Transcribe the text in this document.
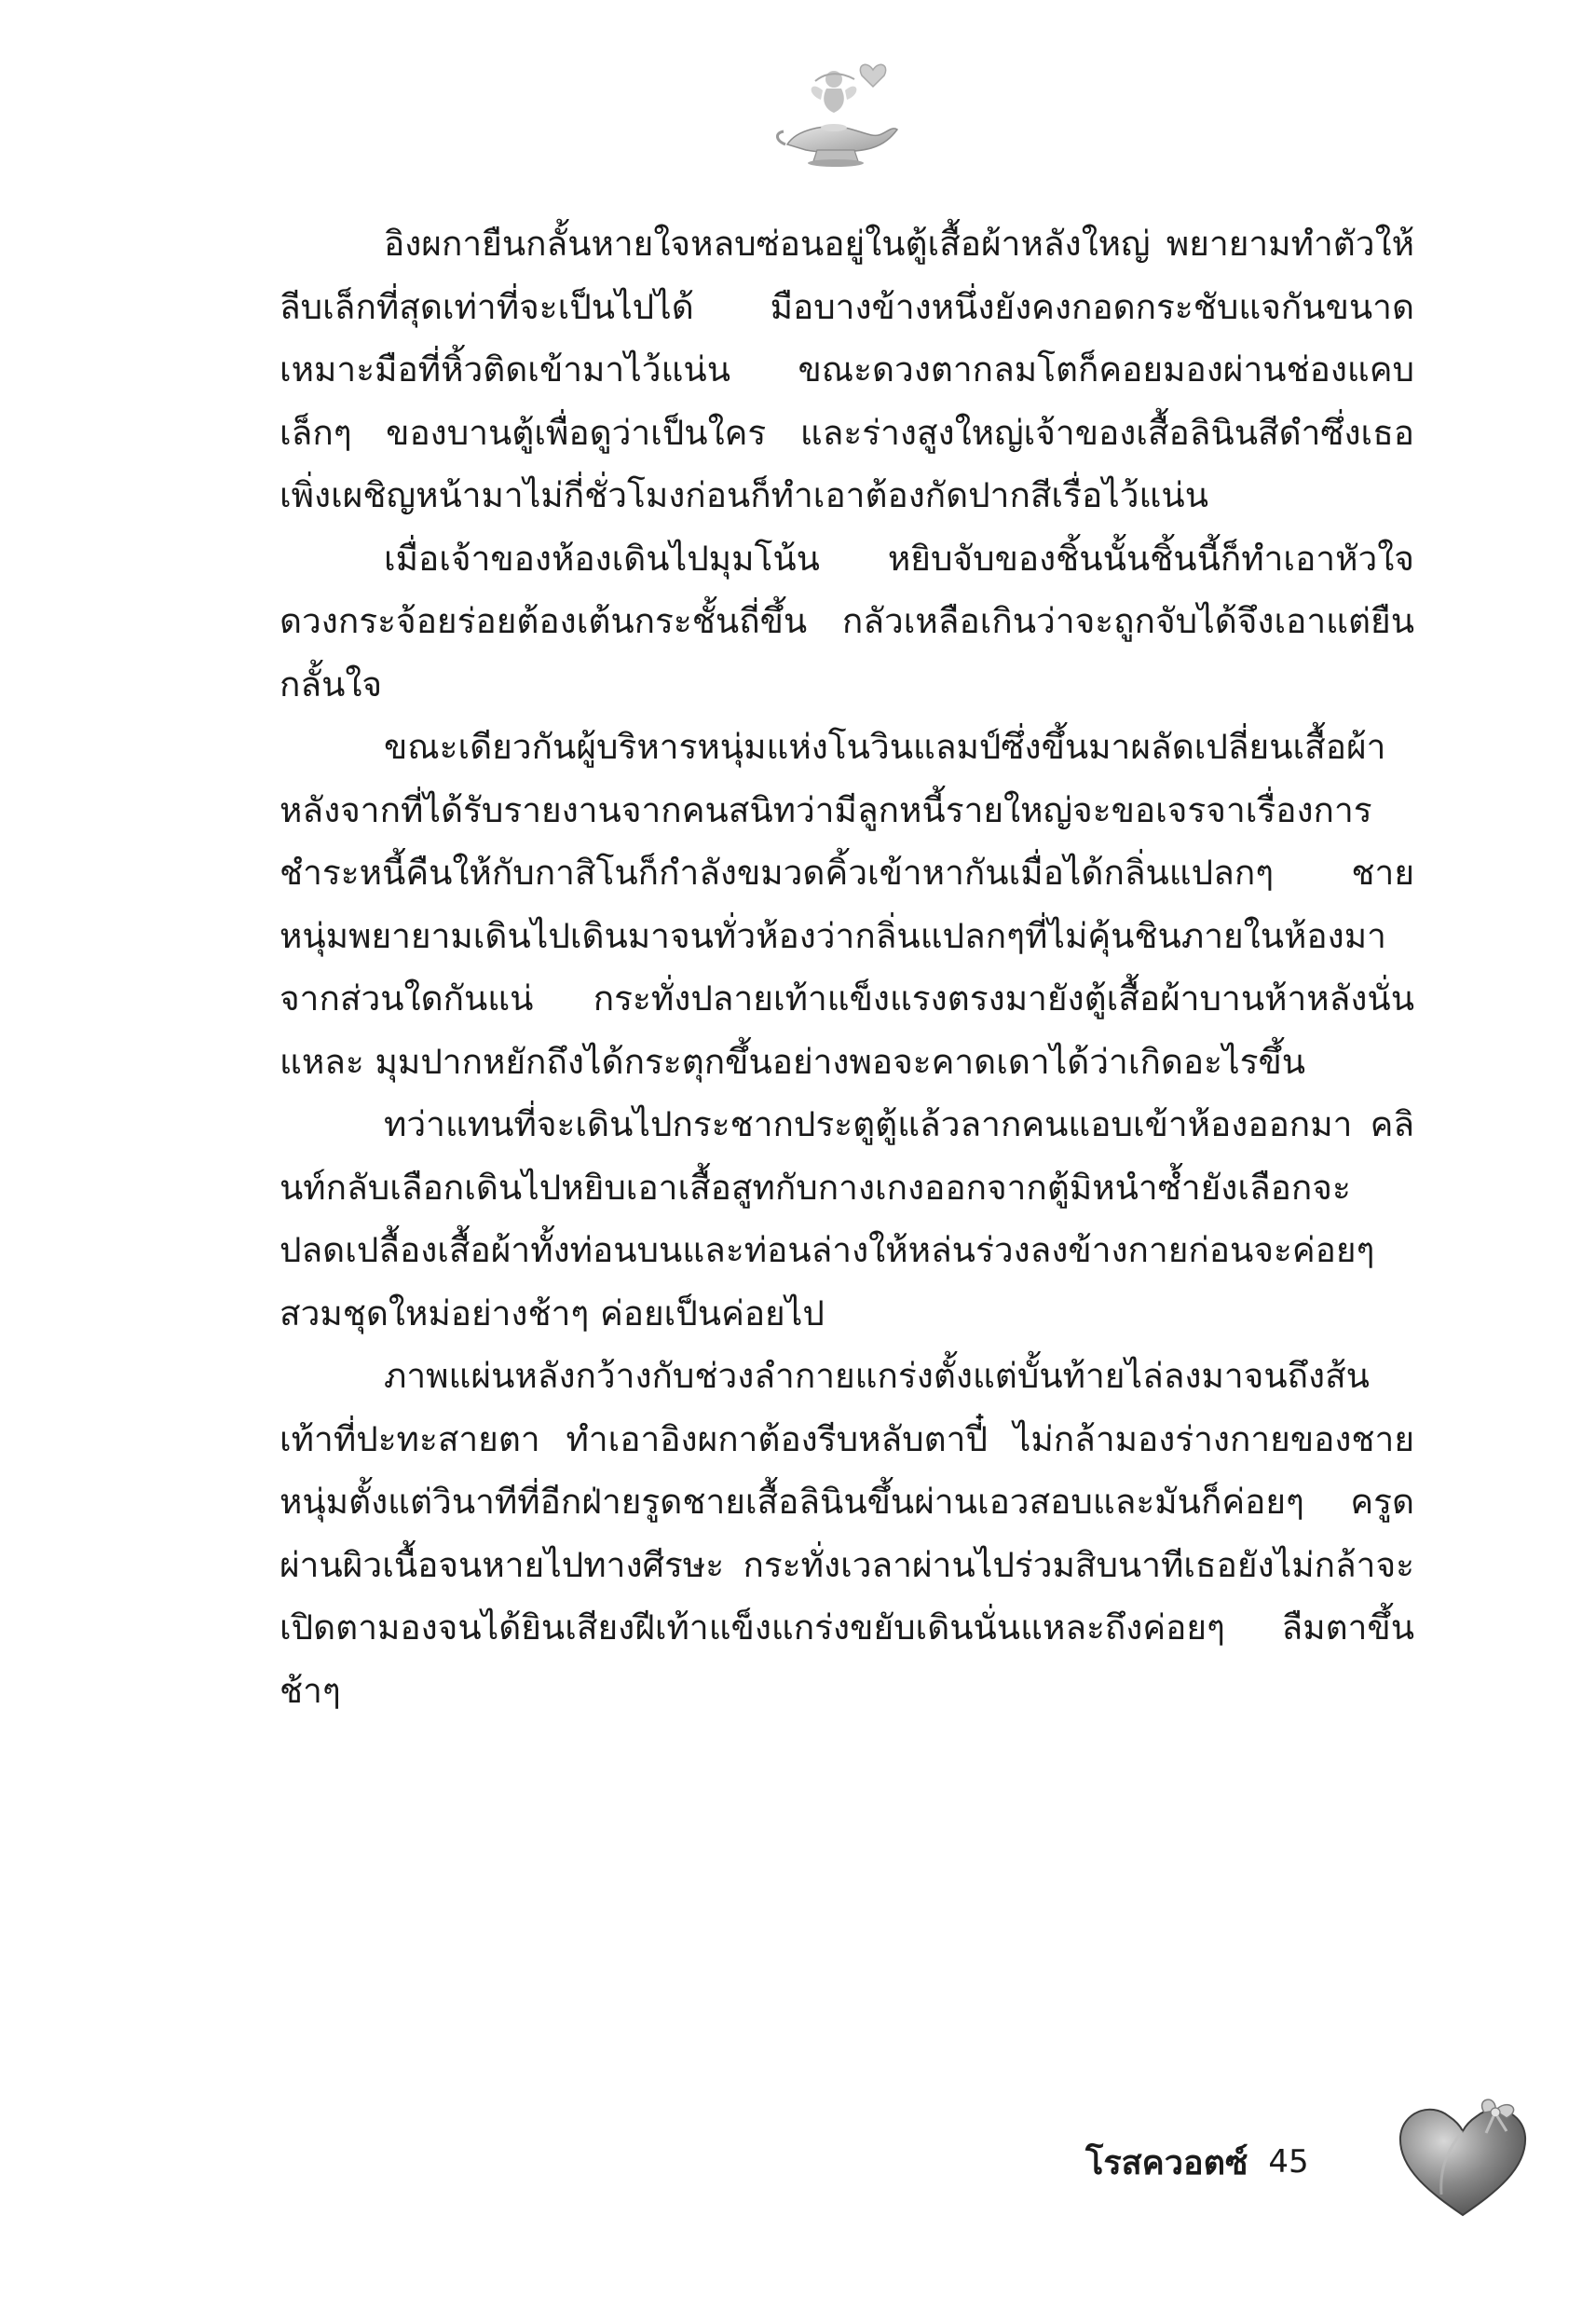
อิงผกายืนกลั้นหายใจหลบซ่อนอยู่ในตู้เสื้อผ้าหลังใหญ่ พยายามทำตัวให้ลีบเล็กที่สุดเท่าที่จะเป็นไปได้ มือบางข้างหนึ่งยังคงกอดกระชับแจกันขนาดเหมาะมือที่หิ้วติดเข้ามาไว้แน่น ขณะดวงตากลมโตก็คอยมองผ่านช่องแคบเล็กๆ ของบานตู้เพื่อดูว่าเป็นใคร และร่างสูงใหญ่เจ้าของเสื้อลินินสีดำซึ่งเธอเพิ่งเผชิญหน้ามาไม่กี่ชั่วโมงก่อนก็ทำเอาต้องกัดปากสีเรื่อไว้แน่น

เมื่อเจ้าของห้องเดินไปมุมโน้น หยิบจับของชิ้นนั้นชิ้นนี้ก็ทำเอาหัวใจดวงกระจ้อยร่อยต้องเต้นกระชั้นถี่ขึ้น กลัวเหลือเกินว่าจะถูกจับได้จึงเอาแต่ยืนกลั้นใจ

ขณะเดียวกันผู้บริหารหนุ่มแห่งโนวินแลมป์ซึ่งขึ้นมาผลัดเปลี่ยนเสื้อผ้า หลังจากที่ได้รับรายงานจากคนสนิทว่ามีลูกหนี้รายใหญ่จะขอเจรจาเรื่องการชำระหนี้คืนให้กับกาสิโนก็กำลังขมวดคิ้วเข้าหากันเมื่อได้กลิ่นแปลกๆ ชายหนุ่มพยายามเดินไปเดินมาจนทั่วห้องว่ากลิ่นแปลกๆที่ไม่คุ้นชินภายในห้องมาจากส่วนใดกันแน่ กระทั่งปลายเท้าแข็งแรงตรงมายังตู้เสื้อผ้าบานห้าหลังนั่นแหละ มุมปากหยักถึงได้กระตุกขึ้นอย่างพอจะคาดเดาได้ว่าเกิดอะไรขึ้น

ทว่าแทนที่จะเดินไปกระชากประตูตู้แล้วลากคนแอบเข้าห้องออกมา คลินท์กลับเลือกเดินไปหยิบเอาเสื้อสูทกับกางเกงออกจากตู้มิหนำซ้ำยังเลือกจะปลดเปลื้องเสื้อผ้าทั้งท่อนบนและท่อนล่างให้หล่นร่วงลงข้างกายก่อนจะค่อยๆ สวมชุดใหม่อย่างช้าๆ ค่อยเป็นค่อยไป

ภาพแผ่นหลังกว้างกับช่วงลำกายแกร่งตั้งแต่บั้นท้ายไล่ลงมาจนถึงส้นเท้าที่ปะทะสายตา ทำเอาอิงผกาต้องรีบหลับตาปี๋ ไม่กล้ามองร่างกายของชายหนุ่มตั้งแต่วินาทีที่อีกฝ่ายรูดชายเสื้อลินินขึ้นผ่านเอวสอบและมันก็ค่อยๆ ครูดผ่านผิวเนื้อจนหายไปทางศีรษะ กระทั่งเวลาผ่านไปร่วมสิบนาทีเธอยังไม่กล้าจะเปิดตามองจนได้ยินเสียงฝีเท้าแข็งแกร่งขยับเดินนั่นแหละถึงค่อยๆ ลืมตาขึ้นช้าๆ

โรสควอตซ์ 45
